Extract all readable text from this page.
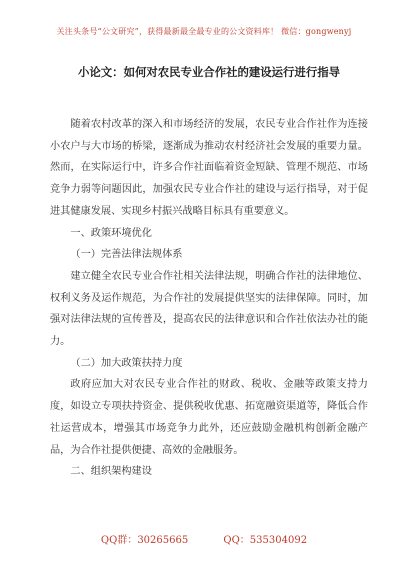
关注头条号“公文研究”，获得最新最全最专业的公文资料库！ 微信：gongwenyj
小论文：如何对农民专业合作社的建设运行进行指导

随着农村改革的深入和市场经济的发展，农民专业合作社作为连接小农户与大市场的桥梁，逐渐成为推动农村经济社会发展的重要力量。然而，在实际运行中，许多合作社面临着资金短缺、管理不规范、市场竞争力弱等问题因此，加强农民专业合作社的建设与运行指导，对于促进其健康发展、实现乡村振兴战略目标具有重要意义。

一、政策环境优化

（一）完善法律法规体系

建立健全农民专业合作社相关法律法规，明确合作社的法律地位、权利义务及运作规范，为合作社的发展提供坚实的法律保障。同时，加强对法律法规的宣传普及，提高农民的法律意识和合作社依法办社的能力。

（二）加大政策扶持力度

政府应加大对农民专业合作社的财政、税收、金融等政策支持力度，如设立专项扶持资金、提供税收优惠、拓宽融资渠道等，降低合作社运营成本，增强其市场竞争力此外，还应鼓励金融机构创新金融产品，为合作社提供便捷、高效的金融服务。

二、组织架构建设

QQ群：30265665	QQ：535304092
